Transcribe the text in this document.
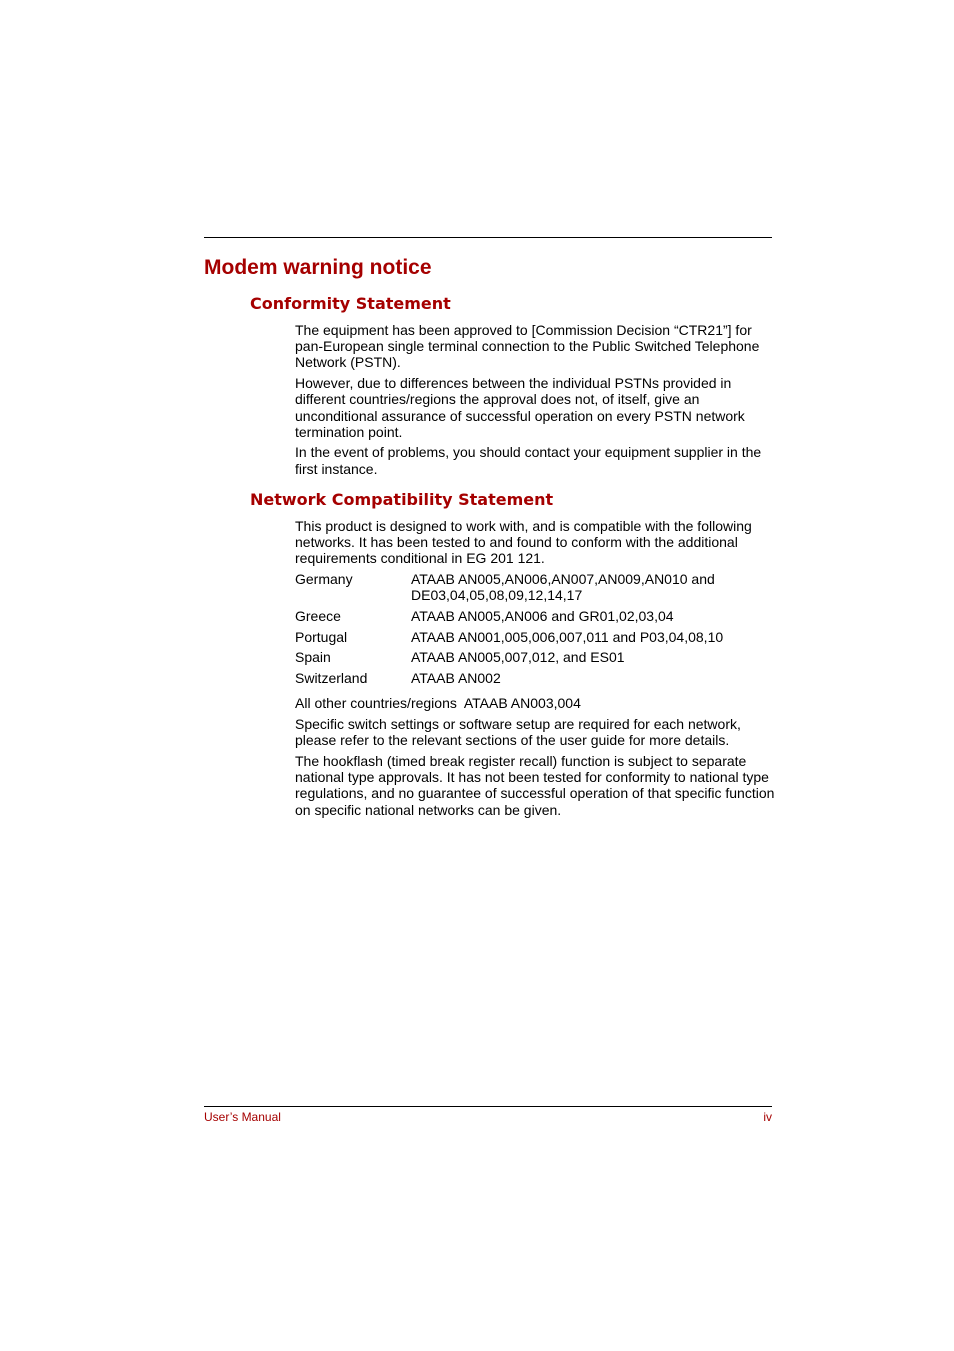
Modem warning notice
Conformity Statement

The equipment has been approved to [Commission Decision “CTR21”] for pan-European single terminal connection to the Public Switched Telephone Network (PSTN).

However, due to differences between the individual PSTNs provided in different countries/regions the approval does not, of itself, give an unconditional assurance of successful operation on every PSTN network termination point.

In the event of problems, you should contact your equipment supplier in the first instance.

Network Compatibility Statement

This product is designed to work with, and is compatible with the following networks. It has been tested to and found to conform with the additional requirements conditional in EG 201 121.

Germany	ATAAB AN005,AN006,AN007,AN009,AN010 and DE03,04,05,08,09,12,14,17
Greece	ATAAB AN005,AN006 and GR01,02,03,04
Portugal	ATAAB AN001,005,006,007,011 and P03,04,08,10
Spain	ATAAB AN005,007,012, and ES01
Switzerland	ATAAB AN002

All other countries/regions  ATAAB AN003,004

Specific switch settings or software setup are required for each network, please refer to the relevant sections of the user guide for more details.

The hookflash (timed break register recall) function is subject to separate national type approvals. It has not been tested for conformity to national type regulations, and no guarantee of successful operation of that specific function on specific national networks can be given.

User’s Manual	iv
